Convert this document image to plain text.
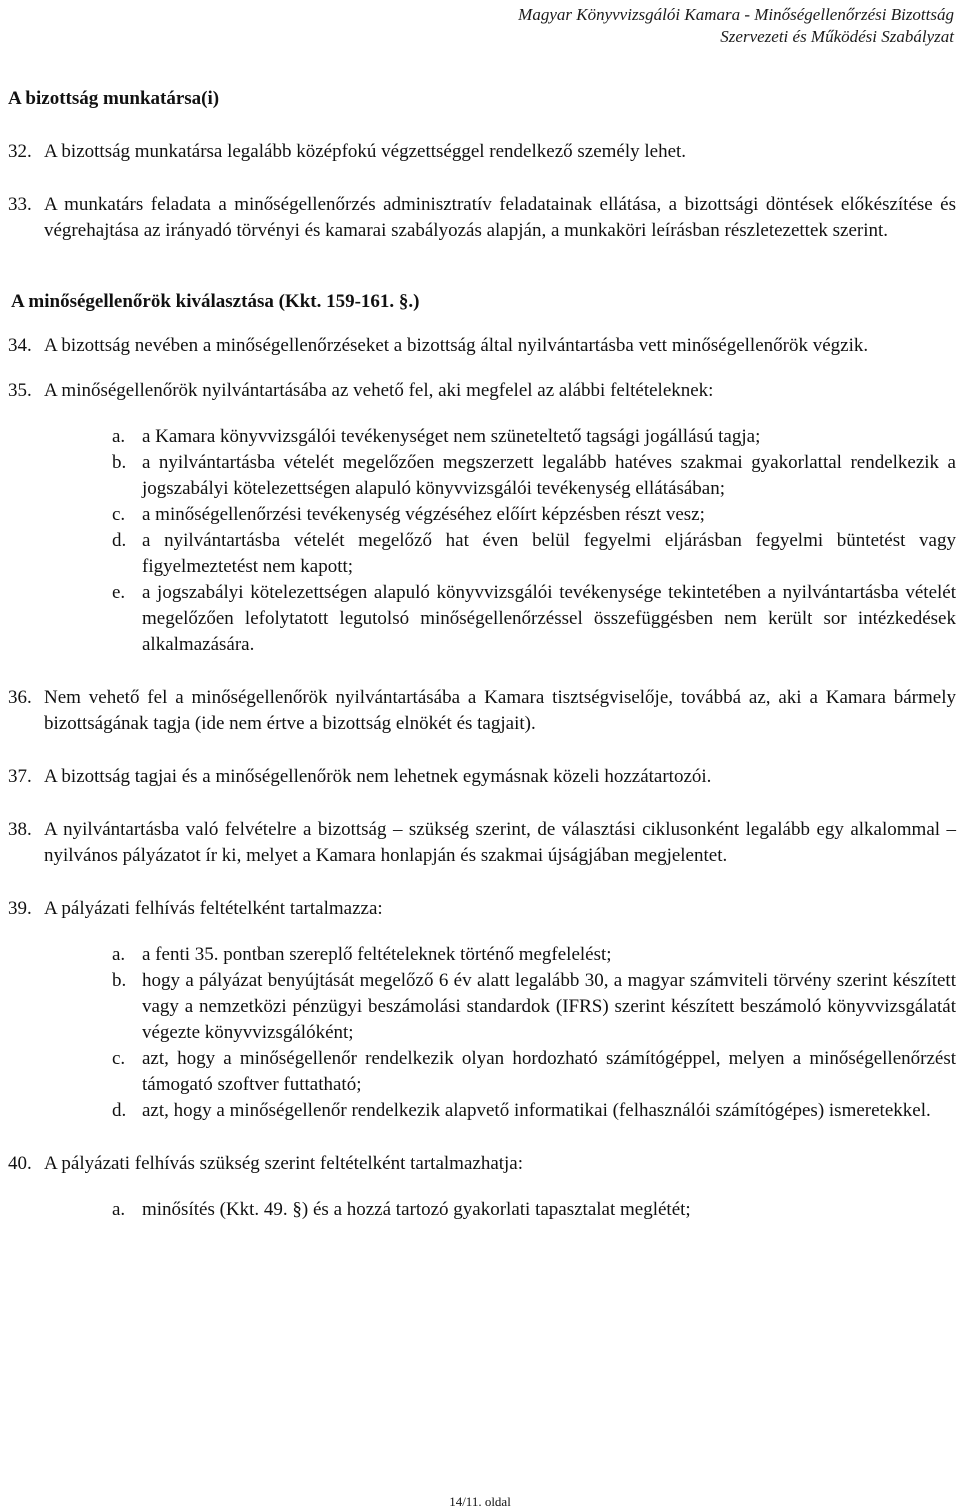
Magyar Könyvvizsgálói Kamara - Minőségellenőrzési Bizottság
Szervezeti és Működési Szabályzat

A bizottság munkatársa(i)

32. A bizottság munkatársa legalább középfokú végzettséggel rendelkező személy lehet.

33. A munkatárs feladata a minőségellenőrzés adminisztratív feladatainak ellátása, a bizottsági döntések előkészítése és végrehajtása az irányadó törvényi és kamarai szabályozás alapján, a munkaköri leírásban részletezettek szerint.

A minőségellenőrök kiválasztása (Kkt. 159-161. §.)

34. A bizottság nevében a minőségellenőrzéseket a bizottság által nyilvántartásba vett minőségellenőrök végzik.

35. A minőségellenőrök nyilvántartásába az vehető fel, aki megfelel az alábbi feltételeknek:

a. a Kamara könyvvizsgálói tevékenységet nem szüneteltető tagsági jogállású tagja;

b. a nyilvántartásba vételét megelőzően megszerzett legalább hatéves szakmai gyakorlattal rendelkezik a jogszabályi kötelezettségen alapuló könyvvizsgálói tevékenység ellátásában;

c. a minőségellenőrzési tevékenység végzéséhez előírt képzésben részt vesz;

d. a nyilvántartásba vételét megelőző hat éven belül fegyelmi eljárásban fegyelmi büntetést vagy figyelmeztetést nem kapott;

e. a jogszabályi kötelezettségen alapuló könyvvizsgálói tevékenysége tekintetében a nyilvántartásba vételét megelőzően lefolytatott legutolsó minőségellenőrzéssel összefüggésben nem került sor intézkedések alkalmazására.

36. Nem vehető fel a minőségellenőrök nyilvántartásába a Kamara tisztségviselője, továbbá az, aki a Kamara bármely bizottságának tagja (ide nem értve a bizottság elnökét és tagjait).

37. A bizottság tagjai és a minőségellenőrök nem lehetnek egymásnak közeli hozzátartozói.

38. A nyilvántartásba való felvételre a bizottság – szükség szerint, de választási ciklusonként legalább egy alkalommal – nyilvános pályázatot ír ki, melyet a Kamara honlapján és szakmai újságjában megjelentet.

39. A pályázati felhívás feltételként tartalmazza:

a. a fenti 35. pontban szereplő feltételeknek történő megfelelést;

b. hogy a pályázat benyújtását megelőző 6 év alatt legalább 30, a magyar számviteli törvény szerint készített vagy a nemzetközi pénzügyi beszámolási standardok (IFRS) szerint készített beszámoló könyvvizsgálatát végezte könyvvizsgálóként;

c. azt, hogy a minőségellenőr rendelkezik olyan hordozható számítógéppel, melyen a minőségellenőrzést támogató szoftver futtatható;

d. azt, hogy a minőségellenőr rendelkezik alapvető informatikai (felhasználói számítógépes) ismeretekkel.

40. A pályázati felhívás szükség szerint feltételként tartalmazhatja:

a. minősítés (Kkt. 49. §) és a hozzá tartozó gyakorlati tapasztalat meglétét;

14/11. oldal
